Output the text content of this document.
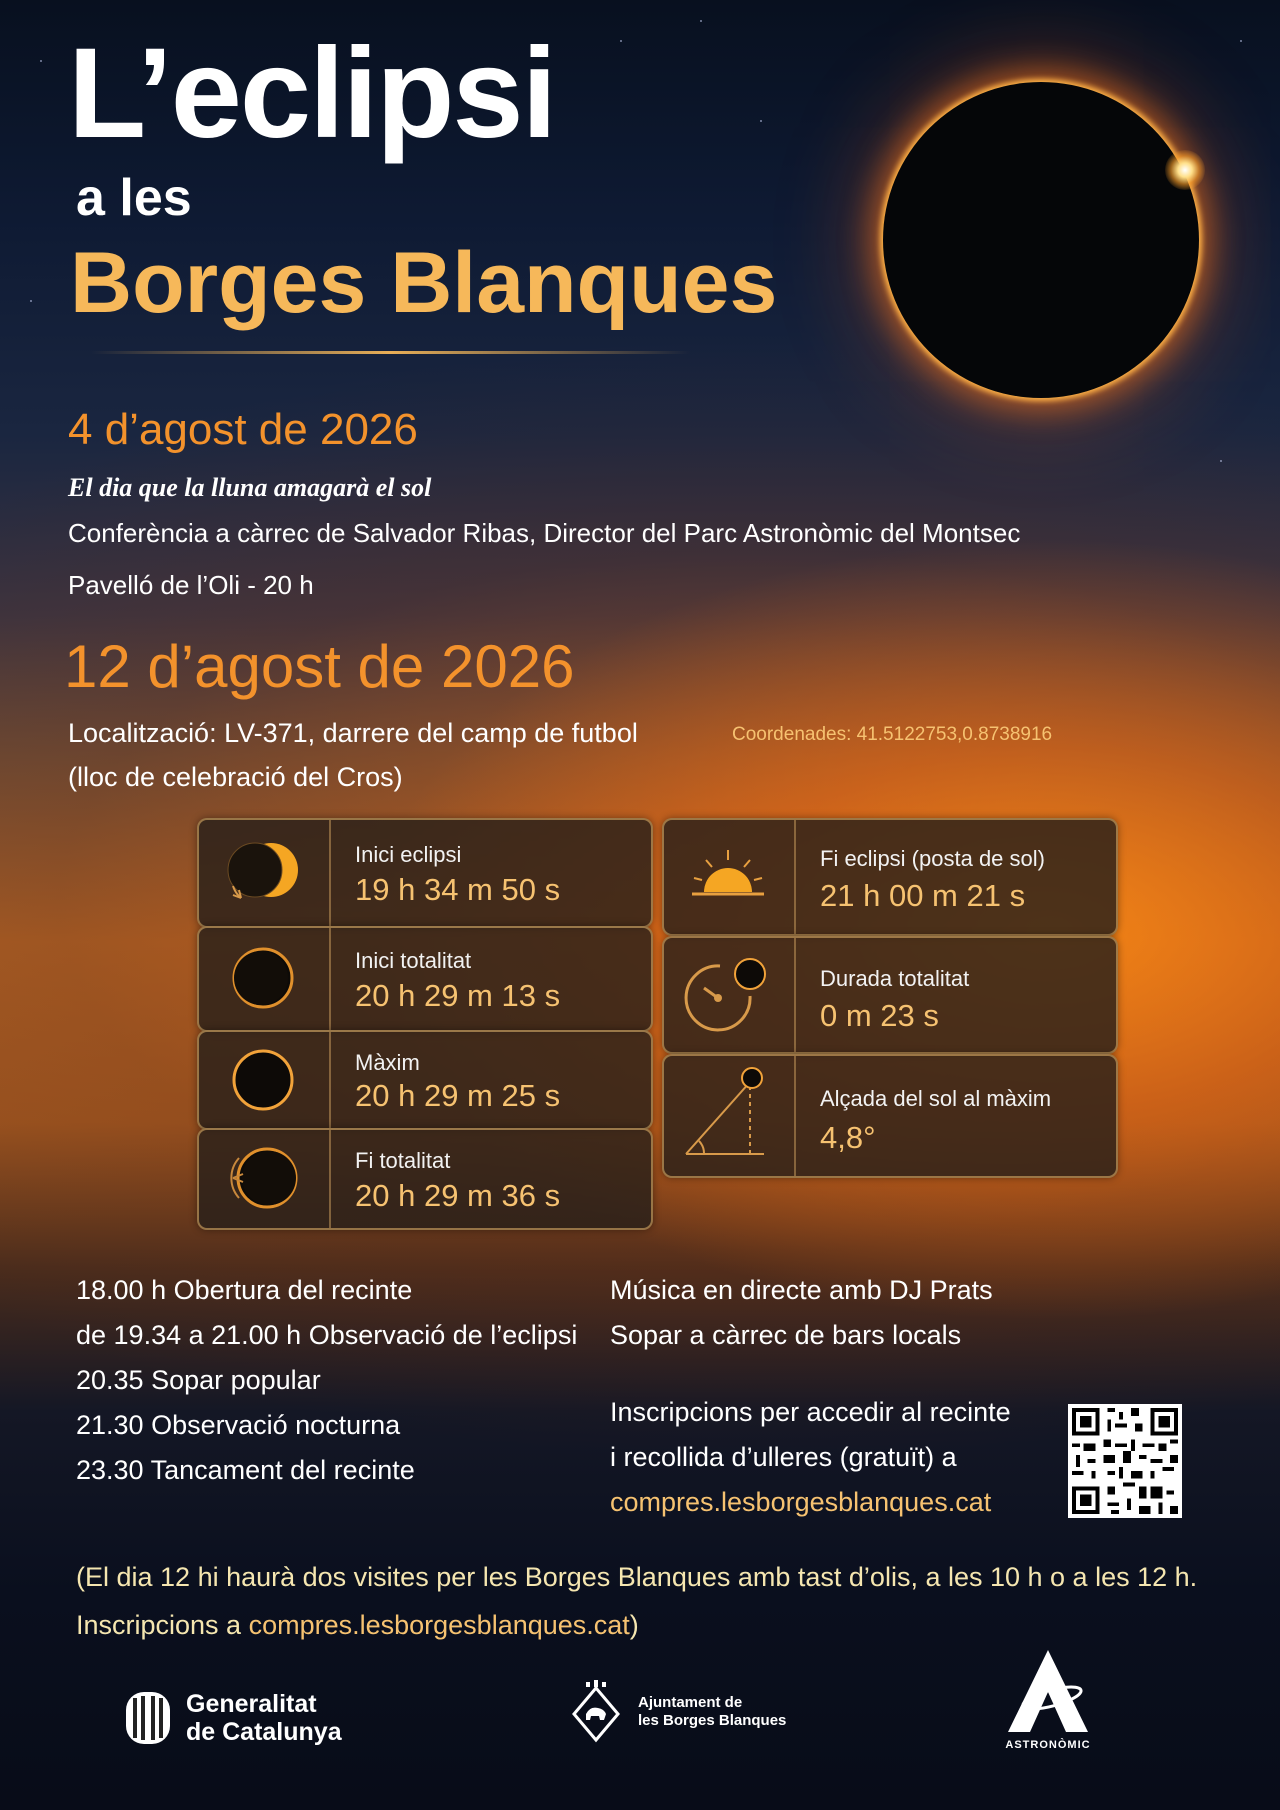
L’eclipsi
a les
Borges Blanques
4 d’agost de 2026
El dia que la lluna amagarà el sol
Conferència a càrrec de Salvador Ribas, Director del Parc Astronòmic del Montsec
Pavelló de l’Oli - 20 h
12 d’agost de 2026
Localització: LV-371, darrere del camp de futbol
(lloc de celebració del Cros)
Coordenades: 41.5122753,0.8738916
Inici eclipsi
19 h 34 m 50 s
Inici totalitat
20 h 29 m 13 s
Màxim
20 h 29 m 25 s
Fi totalitat
20 h 29 m 36 s
Fi eclipsi (posta de sol)
21 h 00 m 21 s
Durada totalitat
0 m 23 s
Alçada del sol al màxim
4,8°
18.00 h Obertura del recinte
de 19.34 a 21.00 h Observació de l’eclipsi
20.35 Sopar popular
21.30 Observació nocturna
23.30 Tancament del recinte
Música en directe amb DJ Prats
Sopar a càrrec de bars locals
Inscripcions per accedir al recinte
i recollida d’ulleres (gratuït) a
compres.lesborgesblanques.cat
(El dia 12 hi haurà dos visites per les Borges Blanques amb tast d’olis, a les 10 h o a les 12 h.
Inscripcions a compres.lesborgesblanques.cat)
Generalitat
de Catalunya
Ajuntament de
les Borges Blanques
ASTRONÒMIC
